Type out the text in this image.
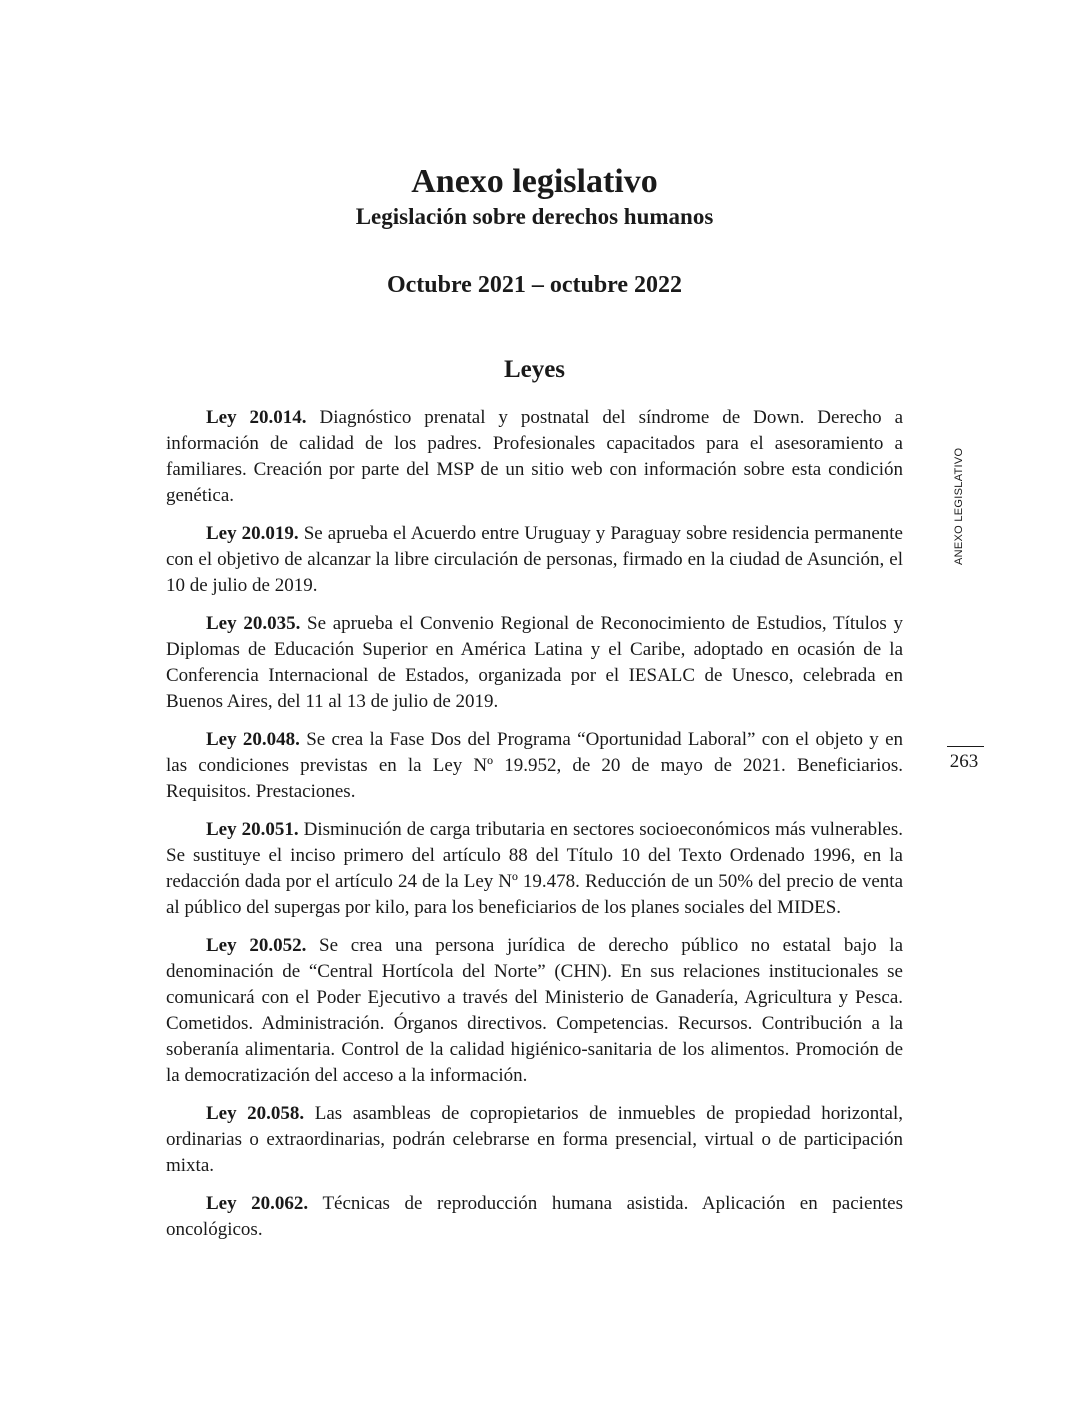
Anexo legislativo
Legislación sobre derechos humanos
Octubre 2021 – octubre 2022
Leyes

Ley 20.014. Diagnóstico prenatal y postnatal del síndrome de Down. Derecho a información de calidad de los padres. Profesionales capacitados para el asesoramiento a familiares. Creación por parte del MSP de un sitio web con información sobre esta condición genética.

Ley 20.019. Se aprueba el Acuerdo entre Uruguay y Paraguay sobre residencia permanente con el objetivo de alcanzar la libre circulación de personas, firmado en la ciudad de Asunción, el 10 de julio de 2019.

Ley 20.035. Se aprueba el Convenio Regional de Reconocimiento de Estudios, Títulos y Diplomas de Educación Superior en América Latina y el Caribe, adoptado en ocasión de la Conferencia Internacional de Estados, organizada por el IESALC de Unesco, celebrada en Buenos Aires, del 11 al 13 de julio de 2019.

Ley 20.048. Se crea la Fase Dos del Programa “Oportunidad Laboral” con el objeto y en las condiciones previstas en la Ley Nº 19.952, de 20 de mayo de 2021. Beneficiarios. Requisitos. Prestaciones.

Ley 20.051. Disminución de carga tributaria en sectores socioeconómicos más vulnerables. Se sustituye el inciso primero del artículo 88 del Título 10 del Texto Ordenado 1996, en la redacción dada por el artículo 24 de la Ley Nº 19.478. Reducción de un 50% del precio de venta al público del supergas por kilo, para los beneficiarios de los planes sociales del MIDES.

Ley 20.052. Se crea una persona jurídica de derecho público no estatal bajo la denominación de “Central Hortícola del Norte” (CHN). En sus relaciones institucionales se comunicará con el Poder Ejecutivo a través del Ministerio de Ganadería, Agricultura y Pesca. Cometidos. Administración. Órganos directivos. Competencias. Recursos. Contribución a la soberanía alimentaria. Control de la calidad higiénico-sanitaria de los alimentos. Promoción de la democratización del acceso a la información.

Ley 20.058. Las asambleas de copropietarios de inmuebles de propiedad horizontal, ordinarias o extraordinarias, podrán celebrarse en forma presencial, virtual o de participación mixta.

Ley 20.062. Técnicas de reproducción humana asistida. Aplicación en pacientes oncológicos.

ANEXO LEGISLATIVO
263
